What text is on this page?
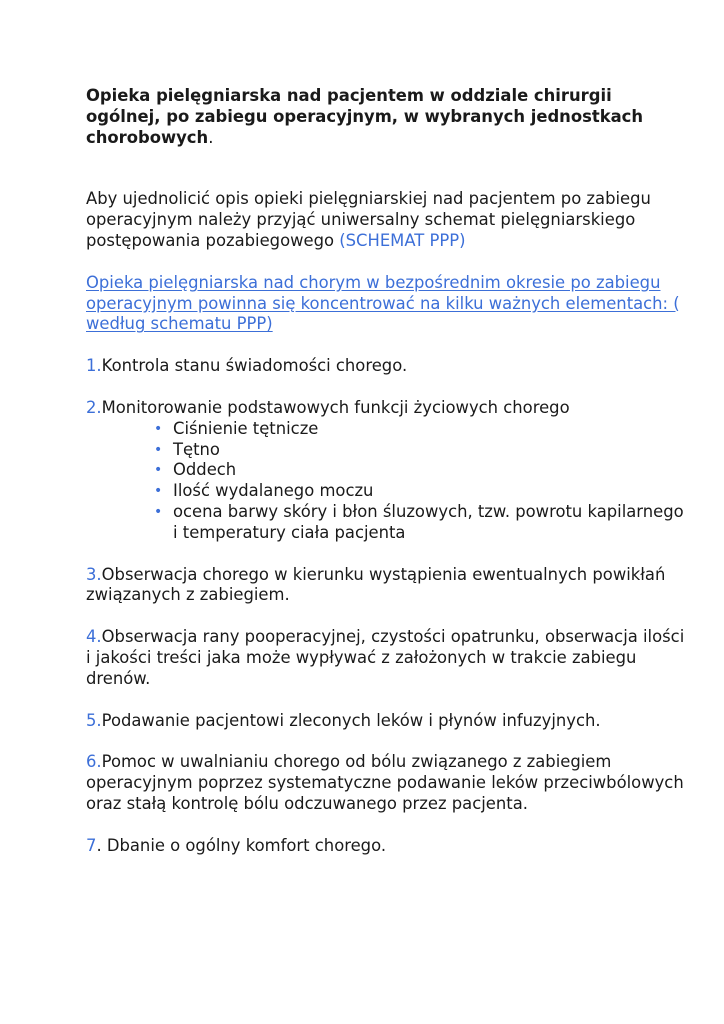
Opieka pielęgniarska nad pacjentem w oddziale chirurgii ogólnej, po zabiegu operacyjnym, w wybranych jednostkach chorobowych.

Aby ujednolicić opis opieki pielęgniarskiej nad pacjentem po zabiegu operacyjnym należy przyjąć uniwersalny schemat pielęgniarskiego postępowania pozabiegowego (SCHEMAT PPP)
Opieka pielęgniarska nad chorym w bezpośrednim okresie po zabiegu operacyjnym powinna się koncentrować na kilku ważnych elementach: ( według schematu PPP)
1.Kontrola stanu świadomości chorego.
2.Monitorowanie podstawowych funkcji życiowych chorego
• Ciśnienie tętnicze
• Tętno
• Oddech
• Ilość wydalanego moczu
• ocena barwy skóry i błon śluzowych, tzw. powrotu kapilarnego i temperatury ciała pacjenta
3.Obserwacja chorego w kierunku wystąpienia ewentualnych powikłań związanych z zabiegiem.
4.Obserwacja rany pooperacyjnej, czystości opatrunku, obserwacja ilości i jakości treści jaka może wypływać z założonych w trakcie zabiegu drenów.
5.Podawanie pacjentowi zleconych leków i płynów infuzyjnych.
6.Pomoc w uwalnianiu chorego od bólu związanego z zabiegiem operacyjnym poprzez systematyczne podawanie leków przeciwbólowych oraz stałą kontrolę bólu odczuwanego przez pacjenta.
7. Dbanie o ogólny komfort chorego.
